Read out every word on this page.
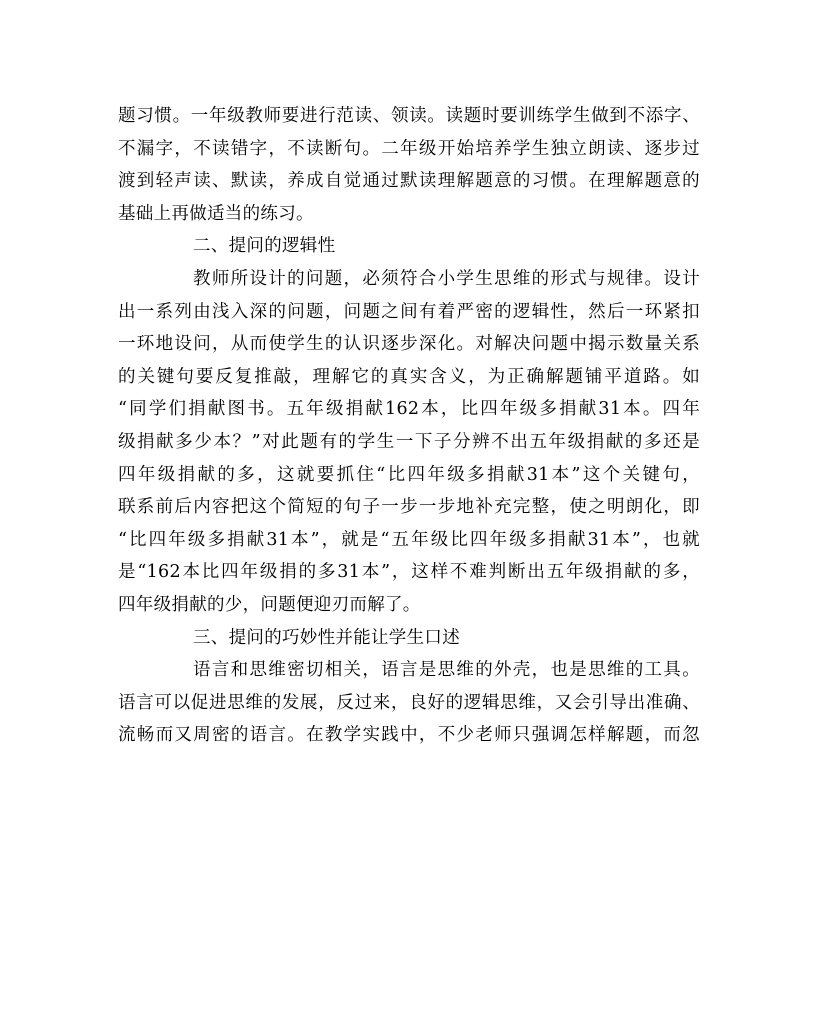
题习惯。一年级教师要进行范读、领读。读题时要训练学生做到不添字、
不漏字，不读错字，不读断句。二年级开始培养学生独立朗读、逐步过
渡到轻声读、默读，养成自觉通过默读理解题意的习惯。在理解题意的
基础上再做适当的练习。
二、提问的逻辑性
教师所设计的问题，必须符合小学生思维的形式与规律。设计
出一系列由浅入深的问题，问题之间有着严密的逻辑性，然后一环紧扣
一环地设问，从而使学生的认识逐步深化。对解决问题中揭示数量关系
的关键句要反复推敲，理解它的真实含义，为正确解题铺平道路。如
“同学们捐献图书。五年级捐献162本，比四年级多捐献31本。四年
级捐献多少本？”对此题有的学生一下子分辨不出五年级捐献的多还是
四年级捐献的多，这就要抓住“比四年级多捐献31本”这个关键句，
联系前后内容把这个简短的句子一步一步地补充完整，使之明朗化，即
“比四年级多捐献31本”，就是“五年级比四年级多捐献31本”，也就
是“162本比四年级捐的多31本”，这样不难判断出五年级捐献的多，
四年级捐献的少，问题便迎刃而解了。
三、提问的巧妙性并能让学生口述
语言和思维密切相关，语言是思维的外壳，也是思维的工具。
语言可以促进思维的发展，反过来，良好的逻辑思维，又会引导出准确、
流畅而又周密的语言。在教学实践中，不少老师只强调怎样解题，而忽
